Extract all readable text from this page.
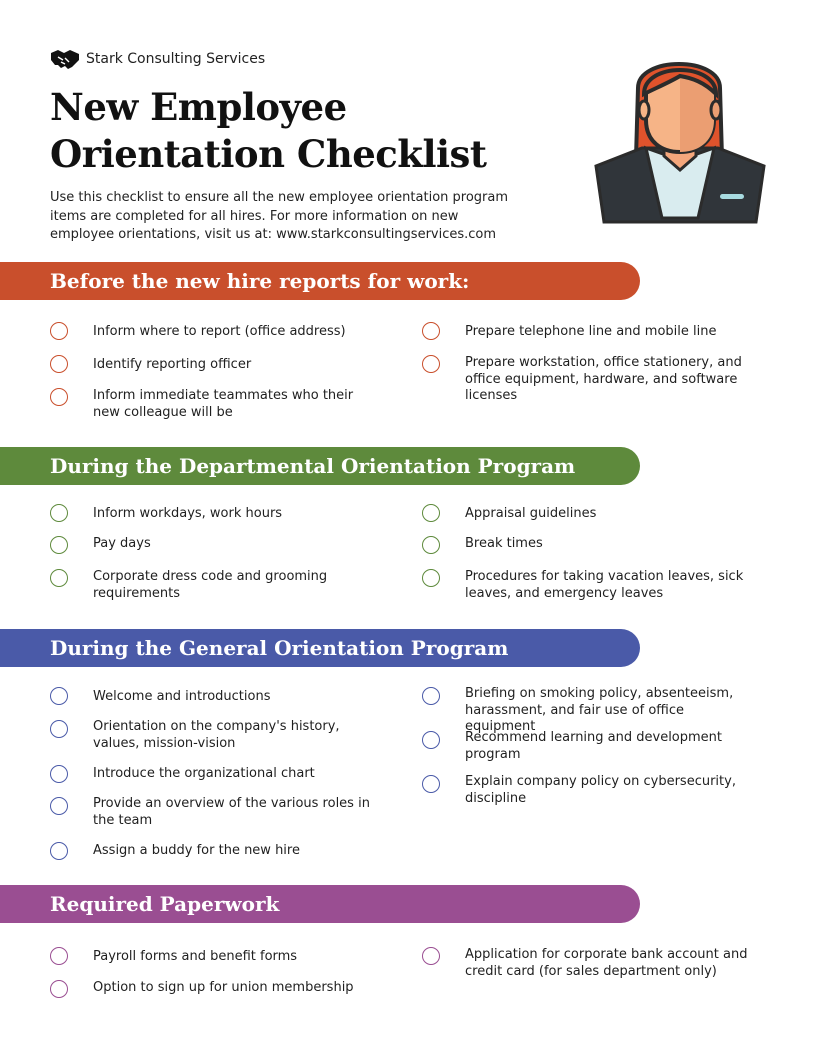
Stark Consulting Services
New Employee
Orientation Checklist

Use this checklist to ensure all the new employee orientation program items are completed for all hires. For more information on new employee orientations, visit us at: www.starkconsultingservices.com

Before the new hire reports for work:
Inform where to report (office address)
Identify reporting officer
Inform immediate teammates who their new colleague will be
Prepare telephone line and mobile line
Prepare workstation, office stationery, and office equipment, hardware, and software licenses
During the Departmental Orientation Program
Inform workdays, work hours
Pay days
Corporate dress code and grooming requirements
Appraisal guidelines
Break times
Procedures for taking vacation leaves, sick leaves, and emergency leaves
During the General Orientation Program
Welcome and introductions
Orientation on the company's history, values, mission-vision
Introduce the organizational chart
Provide an overview of the various roles in the team
Assign a buddy for the new hire
Briefing on smoking policy, absenteeism, harassment, and fair use of office equipment
Recommend learning and development program
Explain company policy on cybersecurity, discipline
Required Paperwork
Payroll forms and benefit forms
Option to sign up for union membership
Application for corporate bank account and credit card (for sales department only)
